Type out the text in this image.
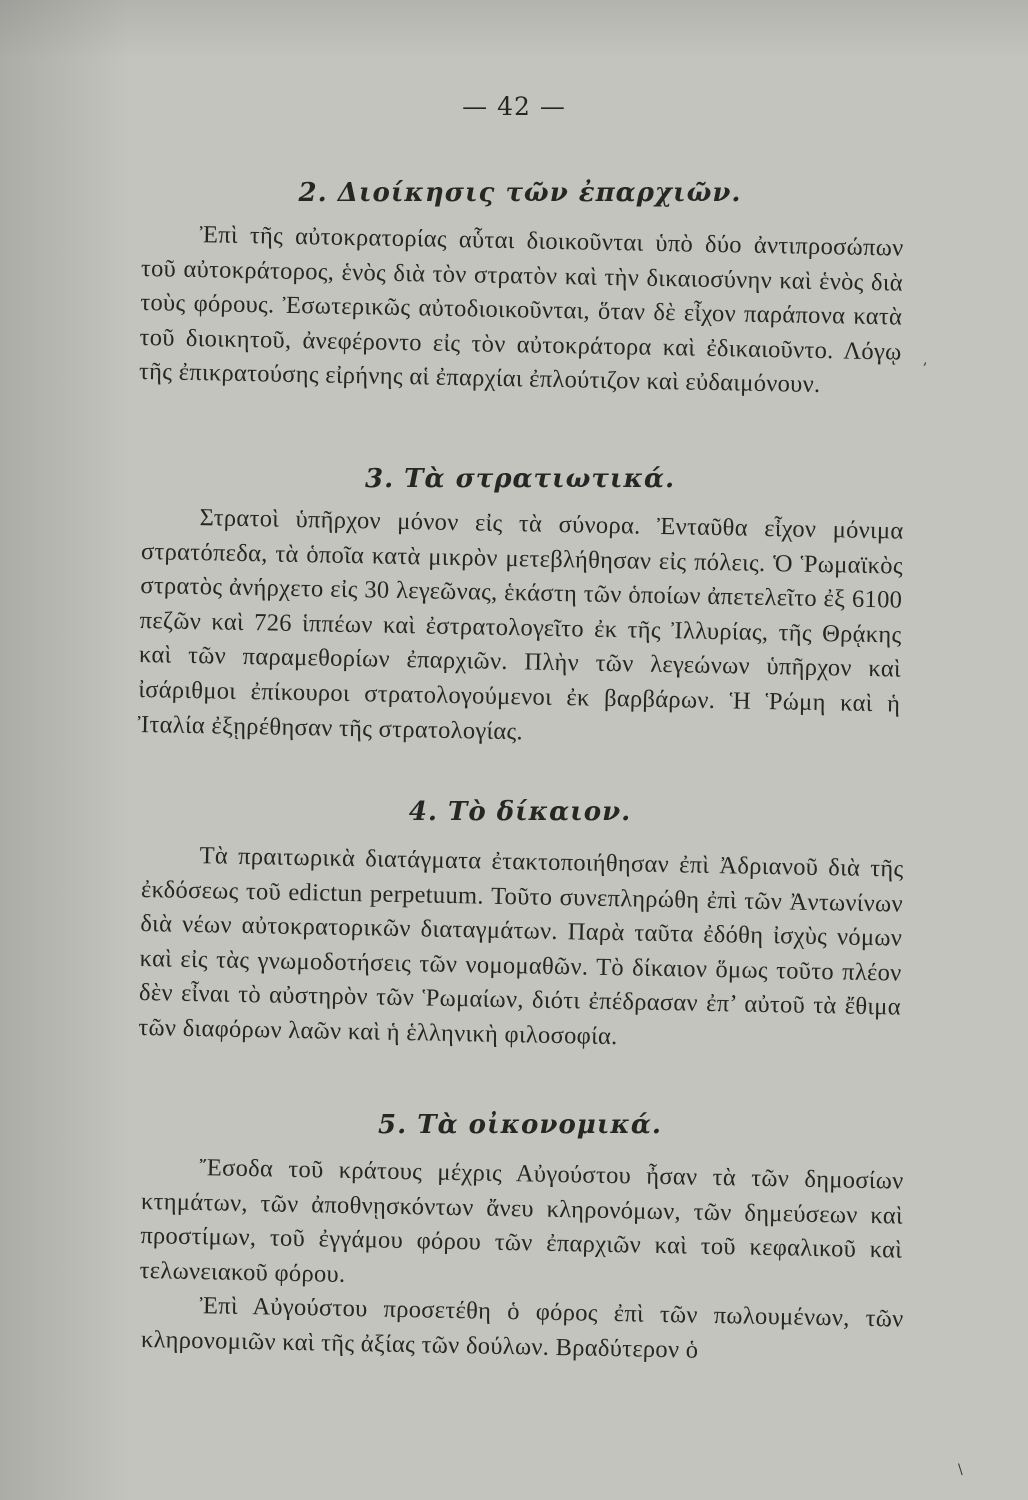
— 42 —
2. Διοίκησις τῶν ἐπαρχιῶν.
Ἐπὶ τῆς αὐτοκρατορίας αὗται διοικοῦνται ὑπὸ δύο ἀντιπροσώπων τοῦ αὐτοκράτορος, ἑνὸς διὰ τὸν στρατὸν καὶ τὴν δικαιοσύνην καὶ ἑνὸς διὰ τοὺς φόρους. Ἐσωτερικῶς αὐτοδιοικοῦνται, ὅταν δὲ εἶχον παράπονα κατὰ τοῦ διοικητοῦ, ἀνεφέροντο εἰς τὸν αὐτοκράτορα καὶ ἐδικαιοῦντο. Λόγῳ τῆς ἐπικρατούσης εἰρήνης αἱ ἐπαρχίαι ἐπλούτιζον καὶ εὐδαιμόνουν.
3. Τὰ στρατιωτικά.
Στρατοὶ ὑπῆρχον μόνον εἰς τὰ σύνορα. Ἐνταῦθα εἶχον μόνιμα στρατόπεδα, τὰ ὁποῖα κατὰ μικρὸν μετεβλήθησαν εἰς πόλεις. Ὁ Ῥωμαϊκὸς στρατὸς ἀνήρχετο εἰς 30 λεγεῶνας, ἑκάστη τῶν ὁποίων ἀπετελεῖτο ἐξ 6100 πεζῶν καὶ 726 ἱππέων καὶ ἐστρατολογεῖτο ἐκ τῆς Ἰλλυρίας, τῆς Θρᾴκης καὶ τῶν παραμεθορίων ἐπαρχιῶν. Πλὴν τῶν λεγεώνων ὑπῆρχον καὶ ἰσάριθμοι ἐπίκουροι στρατολογούμενοι ἐκ βαρβάρων. Ἡ Ῥώμη καὶ ἡ Ἰταλία ἐξῃρέθησαν τῆς στρατολογίας.
4. Τὸ δίκαιον.
Τὰ πραιτωρικὰ διατάγματα ἐτακτοποιήθησαν ἐπὶ Ἀδριανοῦ διὰ τῆς ἐκδόσεως τοῦ edictun perpetuum. Τοῦτο συνεπληρώθη ἐπὶ τῶν Ἀντωνίνων διὰ νέων αὐτοκρατορικῶν διαταγμάτων. Παρὰ ταῦτα ἐδόθη ἰσχὺς νόμων καὶ εἰς τὰς γνωμοδοτήσεις τῶν νομομαθῶν. Τὸ δίκαιον ὅμως τοῦτο πλέον δὲν εἶναι τὸ αὐστηρὸν τῶν Ῥωμαίων, διότι ἐπέδρασαν ἐπ’ αὐτοῦ τὰ ἔθιμα τῶν διαφόρων λαῶν καὶ ἡ ἑλληνικὴ φιλοσοφία.
5. Τὰ οἰκονομικά.
Ἔσοδα τοῦ κράτους μέχρις Αὐγούστου ἦσαν τὰ τῶν δημοσίων κτημάτων, τῶν ἀποθνῃσκόντων ἄνευ κληρονόμων, τῶν δημεύσεων καὶ προστίμων, τοῦ ἐγγάμου φόρου τῶν ἐπαρχιῶν καὶ τοῦ κεφαλικοῦ καὶ τελωνειακοῦ φόρου.
Ἐπὶ Αὐγούστου προσετέθη ὁ φόρος ἐπὶ τῶν πωλουμένων, τῶν κληρονομιῶν καὶ τῆς ἀξίας τῶν δούλων. Βραδύτερον ὁ
,
\
